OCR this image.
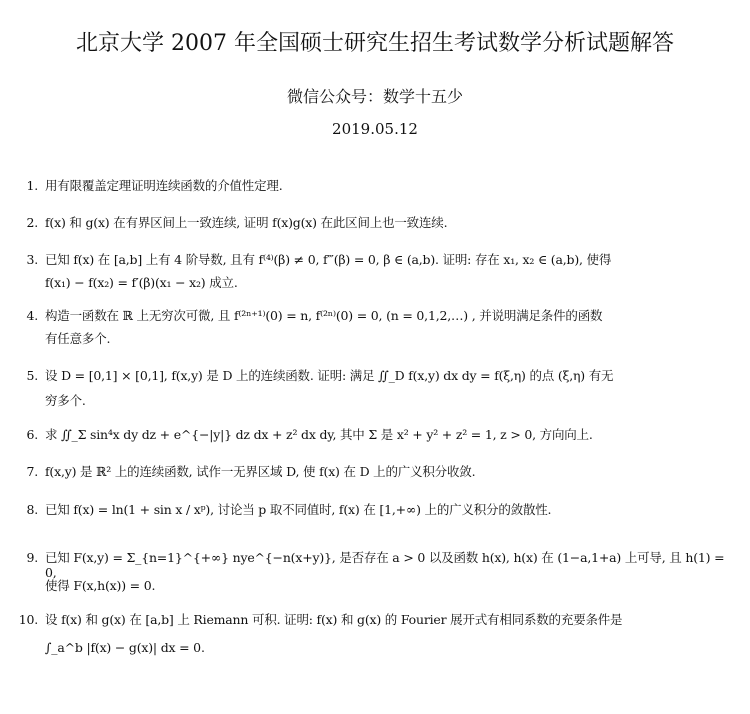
北京大学 2007 年全国硕士研究生招生考试数学分析试题解答
微信公众号：数学十五少
2019.05.12
1. 用有限覆盖定理证明连续函数的介值性定理.
2. f(x) 和 g(x) 在有界区间上一致连续, 证明 f(x)g(x) 在此区间上也一致连续.
3. 已知 f(x) 在 [a,b] 上有 4 阶导数, 且有 f⁽⁴⁾(β) ≠ 0, f‴(β) = 0, β ∈ (a,b). 证明: 存在 x₁, x₂ ∈ (a,b), 使得
f(x₁) − f(x₂) = f′(β)(x₁ − x₂) 成立.
4. 构造一函数在 ℝ 上无穷次可微, 且 f⁽²ⁿ⁺¹⁾(0) = n, f⁽²ⁿ⁾(0) = 0, (n = 0,1,2,…) , 并说明满足条件的函数
有任意多个.
5. 设 D = [0,1] × [0,1], f(x,y) 是 D 上的连续函数. 证明: 满足 ∬_D f(x,y) dx dy = f(ξ,η) 的点 (ξ,η) 有无
穷多个.
6. 求 ∬_Σ sin⁴x dy dz + e^{−|y|} dz dx + z² dx dy, 其中 Σ 是 x² + y² + z² = 1, z > 0, 方向向上.
7. f(x,y) 是 ℝ² 上的连续函数, 试作一无界区域 D, 使 f(x) 在 D 上的广义积分收敛.
8. 已知 f(x) = ln(1 + sin x / xᵖ), 讨论当 p 取不同值时, f(x) 在 [1,+∞) 上的广义积分的敛散性.
9. 已知 F(x,y) = Σ_{n=1}^{+∞} nye^{−n(x+y)}, 是否存在 a > 0 以及函数 h(x), h(x) 在 (1−a,1+a) 上可导, 且 h(1) = 0,
使得 F(x,h(x)) = 0.
10. 设 f(x) 和 g(x) 在 [a,b] 上 Riemann 可积. 证明: f(x) 和 g(x) 的 Fourier 展开式有相同系数的充要条件是
∫_a^b |f(x) − g(x)| dx = 0.
